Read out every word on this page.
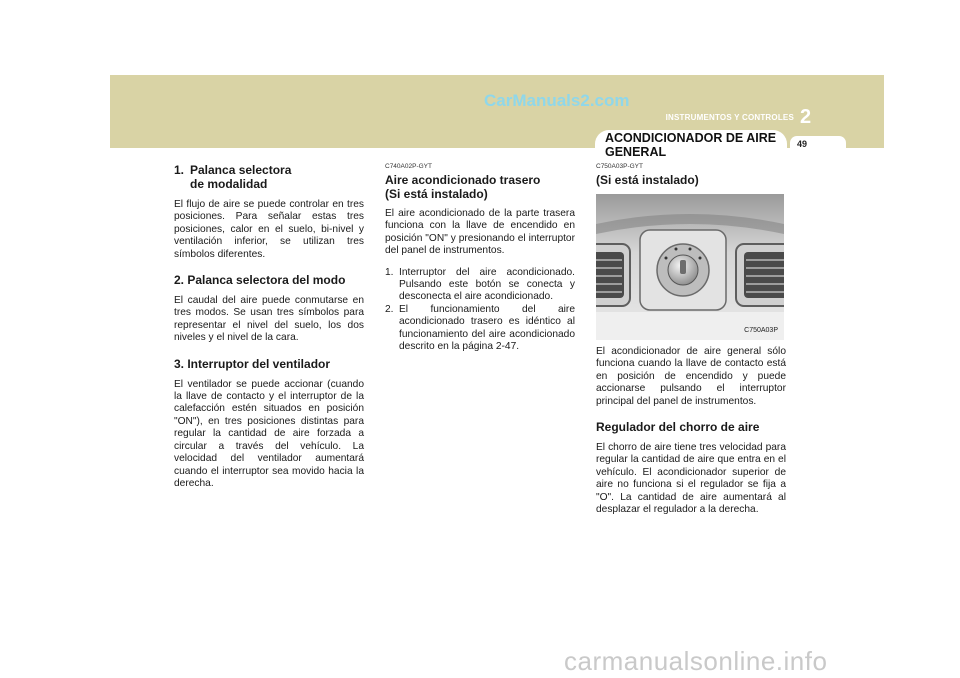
CarManuals2.com
INSTRUMENTOS Y CONTROLES 2
ACONDICIONADOR DE AIRE GENERAL
49
1. Palanca selectora
de modalidad

El flujo de aire se puede controlar en tres posiciones. Para señalar estas tres posiciones, calor en el suelo, bi-nivel y ventilación inferior, se utilizan tres símbolos diferentes.

2. Palanca selectora del modo

El caudal del aire puede conmutarse en tres modos. Se usan tres símbolos para representar el nivel del suelo, los dos niveles y el nivel de la cara.

3. Interruptor del ventilador

El ventilador se puede accionar (cuando la llave de contacto y el interruptor de la calefacción estén situados en posición "ON"), en tres posiciones distintas para regular la cantidad de aire forzada a circular a través del vehículo. La velocidad del ventilador aumentará cuando el interruptor sea movido hacia la derecha.

C740A02P-GYT
Aire acondicionado trasero
(Si está instalado)

El aire acondicionado de la parte trasera funciona con la llave de encendido en posición "ON" y presionando el interruptor del panel de instrumentos.

1. Interruptor del aire acondicionado. Pulsando este botón se conecta y desconecta el aire acondicionado.
2. El funcionamiento del aire acondicionado trasero es idéntico al funcionamiento del aire acondicionado descrito en la página 2-47.
C750A03P-GYT
(Si está instalado)
C750A03P

El acondicionador de aire general sólo funciona cuando la llave de contacto está en posición de encendido y puede accionarse pulsando el interruptor principal del panel de instrumentos.

Regulador del chorro de aire

El chorro de aire tiene tres velocidad para regular la cantidad de aire que entra en el vehículo. El acondicionador superior de aire no funciona si el regulador se fija a "O". La cantidad de aire aumentará al desplazar el regulador a la derecha.

carmanualsonline.info
